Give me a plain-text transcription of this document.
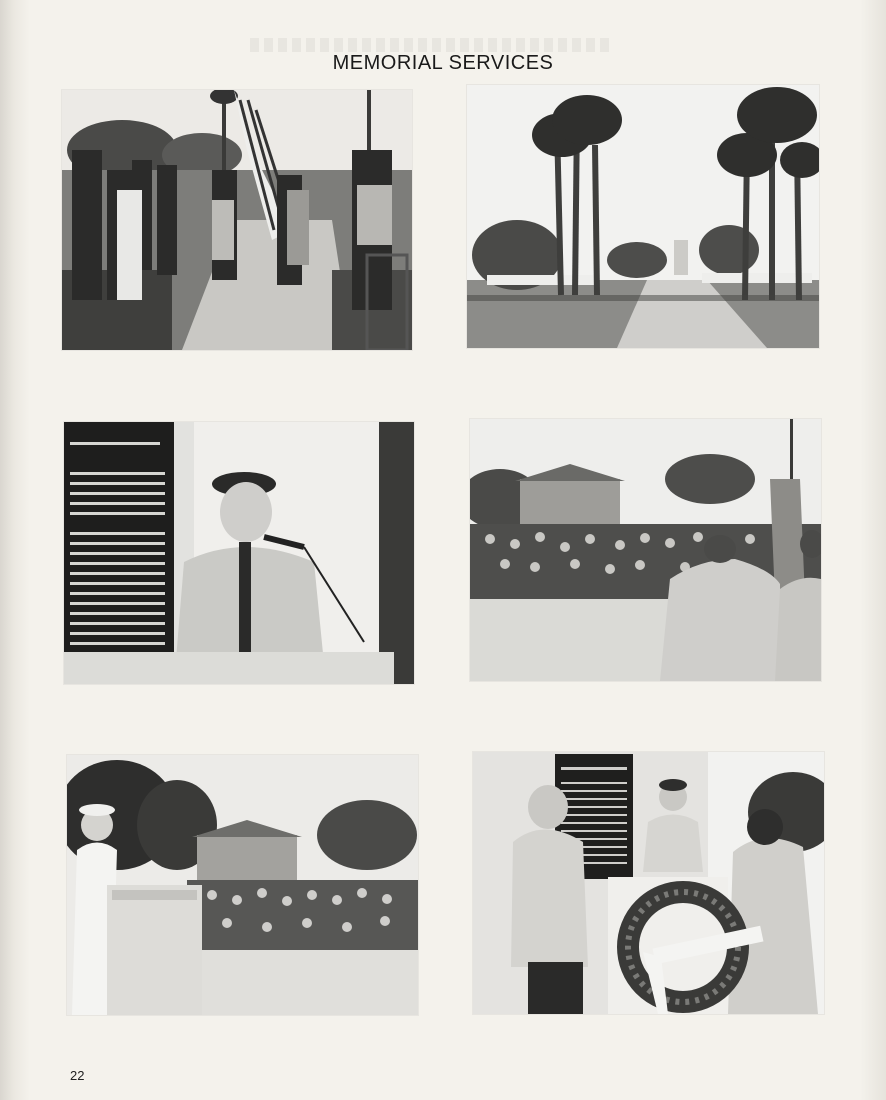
MEMORIAL SERVICES
22
